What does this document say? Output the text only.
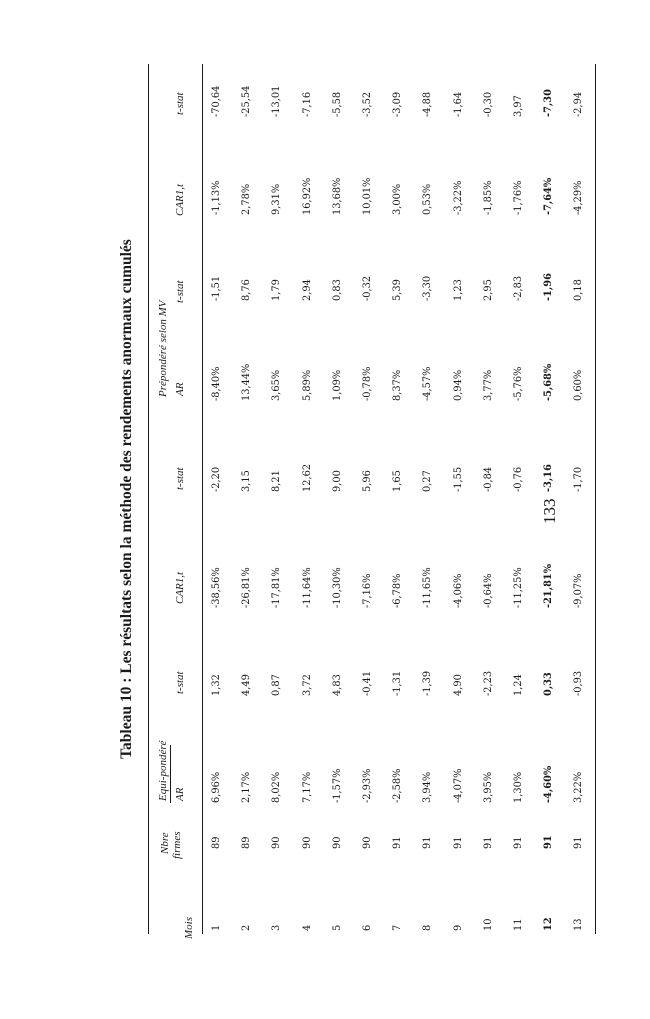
Tableau 10 : Les résultats selon la méthode des rendements anormaux cumulés
Mois
Nbre firmes
Equi-pondéré
Prépondéré selon MV
AR
t-stat
CAR1,t
t-stat
AR
t-stat
CAR1,t
t-stat
1
89
6,96%
1,32
-38,56%
-2,20
-8,40%
-1,51
-1,13%
-70,64
2
89
2,17%
4,49
-26,81%
3,15
13,44%
8,76
2,78%
-25,54
3
90
8,02%
0,87
-17,81%
8,21
3,65%
1,79
9,31%
-13,01
4
90
7,17%
3,72
-11,64%
12,62
5,89%
2,94
16,92%
-7,16
5
90
-1,57%
4,83
-10,30%
9,00
1,09%
0,83
13,68%
-5,58
6
90
-2,93%
-0,41
-7,16%
5,96
-0,78%
-0,32
10,01%
-3,52
7
91
-2,58%
-1,31
-6,78%
1,65
8,37%
5,39
3,00%
-3,09
8
91
3,94%
-1,39
-11,65%
0,27
-4,57%
-3,30
0,53%
-4,88
9
91
-4,07%
4,90
-4,06%
-1,55
0,94%
1,23
-3,22%
-1,64
10
91
3,95%
-2,23
-0,64%
-0,84
3,77%
2,95
-1,85%
-0,30
11
91
1,30%
1,24
-11,25%
-0,76
-5,76%
-2,83
-1,76%
3,97
12
91
-4,60%
0,33
-21,81%
-3,16
-5,68%
-1,96
-7,64%
-7,30
13
91
3,22%
-0,93
-9,07%
-1,70
0,60%
0,18
-4,29%
-2,94
133
